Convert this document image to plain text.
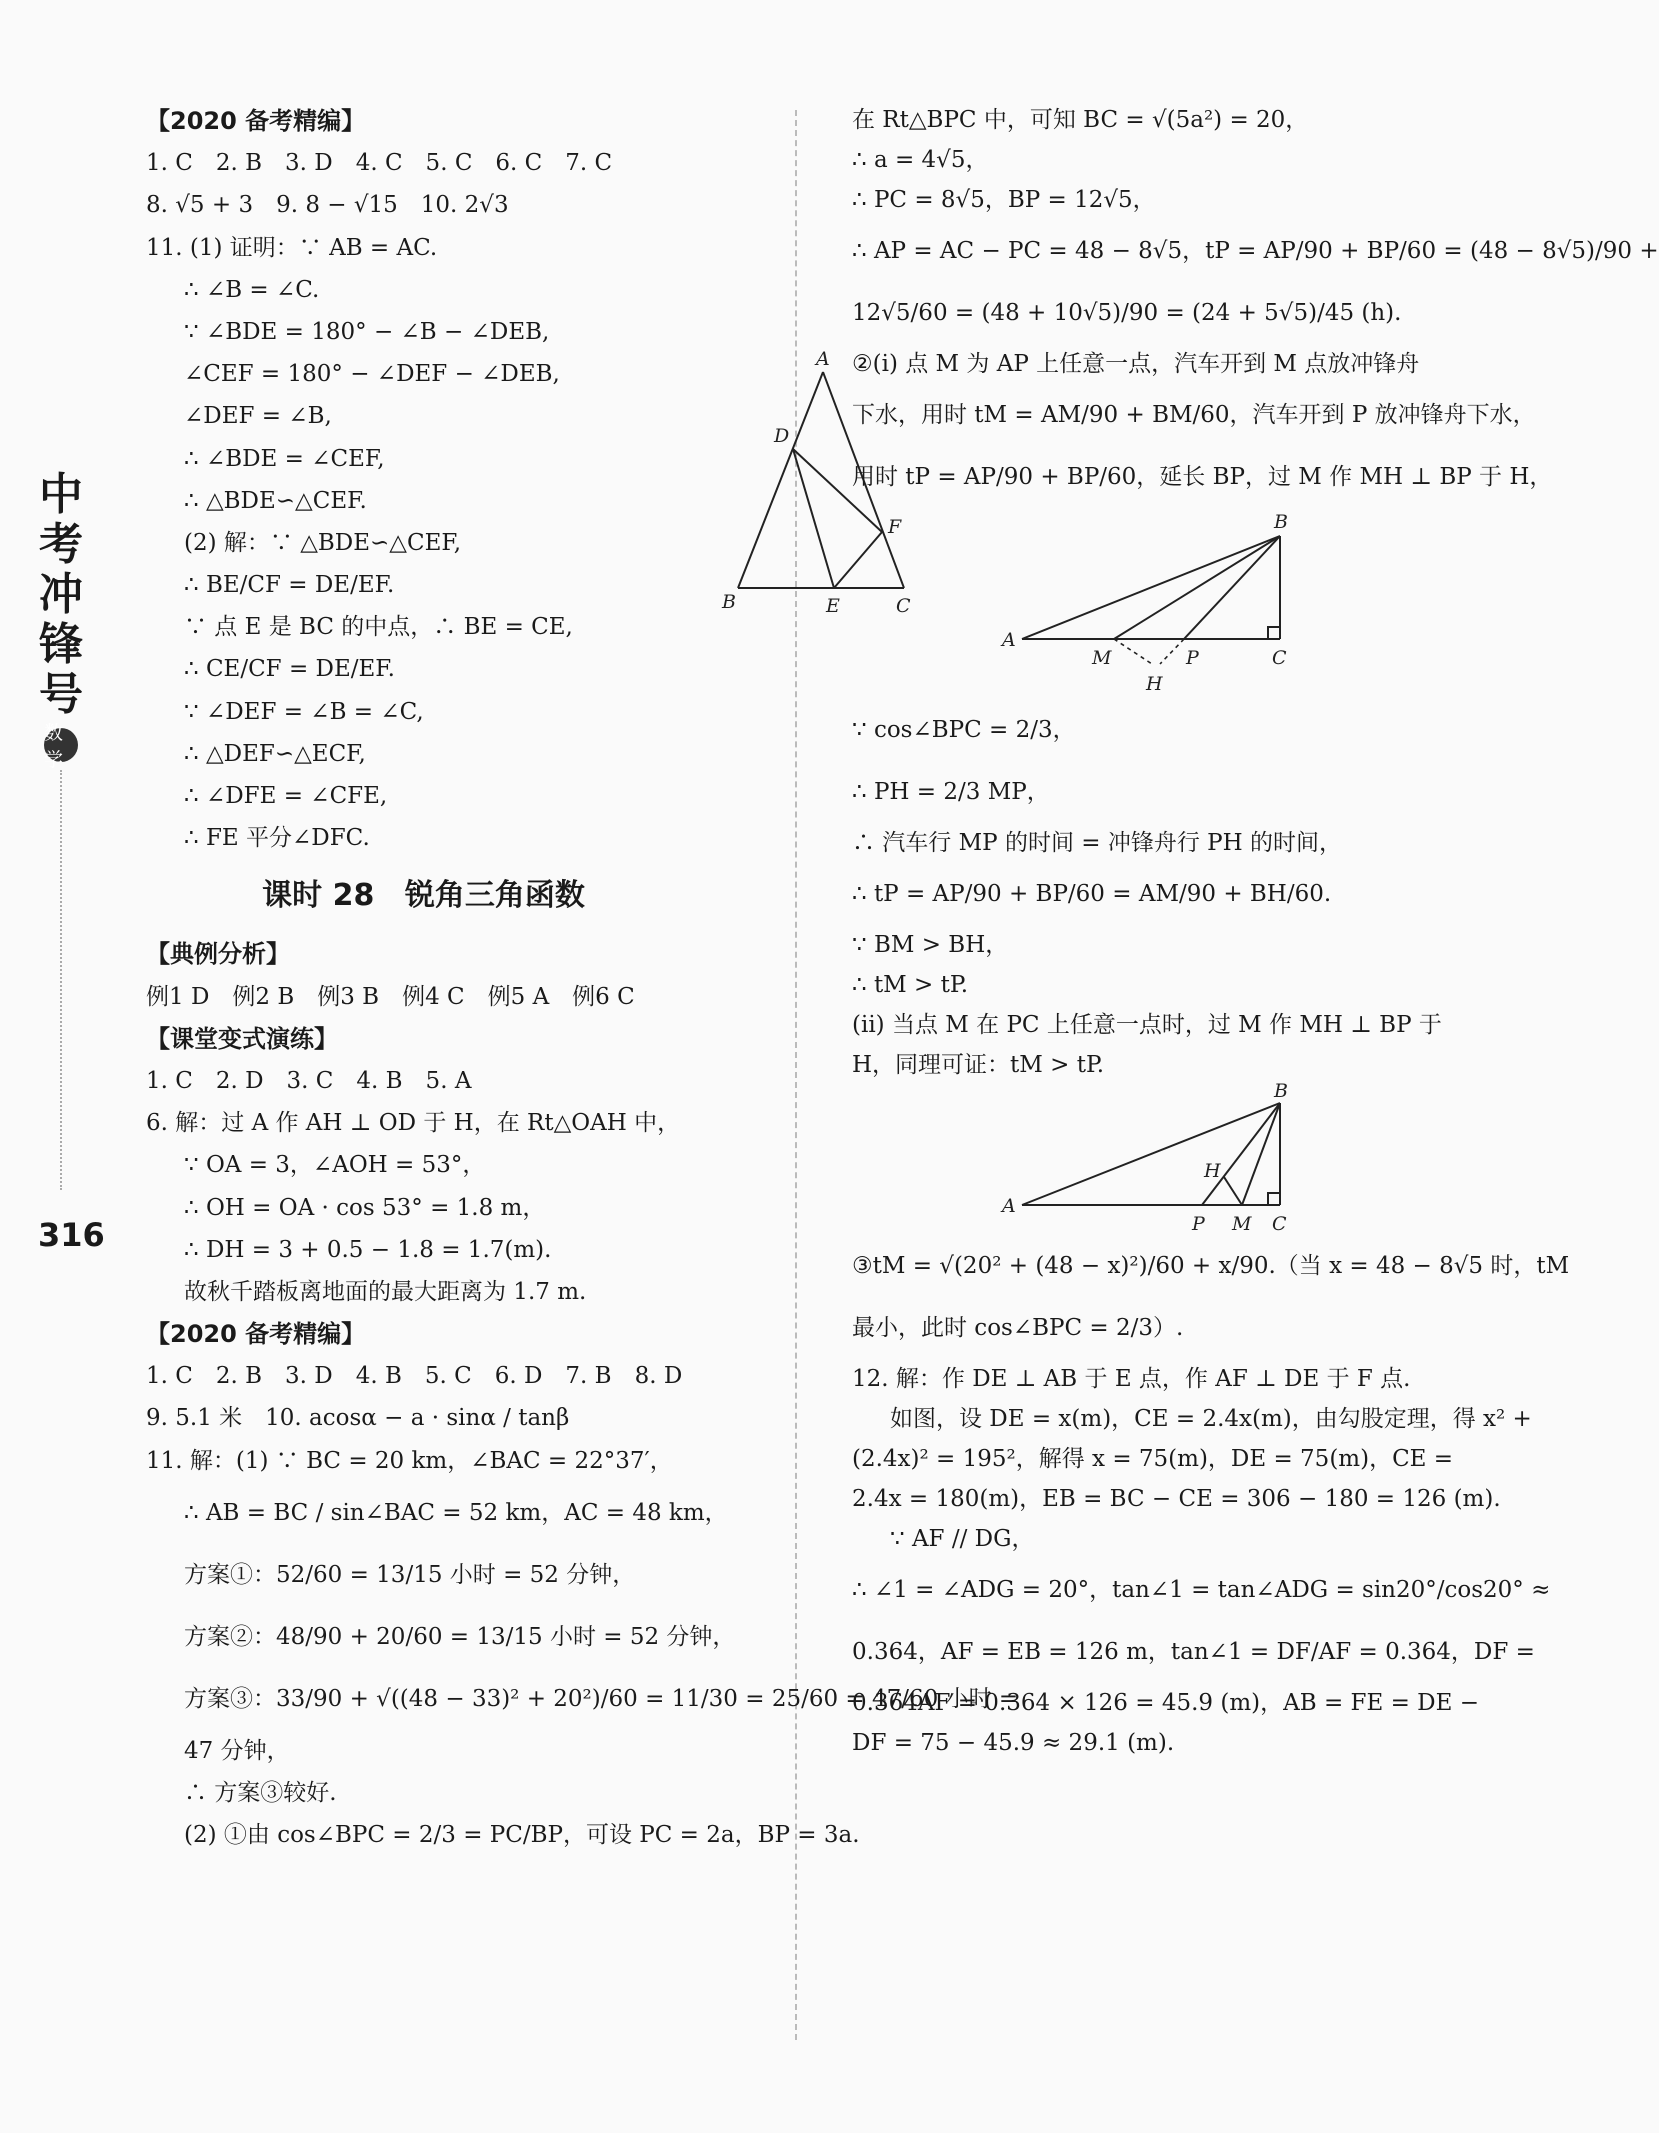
中
考
冲
锋
号
数学
316
【2020 备考精编】
1. C　2. B　3. D　4. C　5. C　6. C　7. C
8. √5 + 3　9. 8 − √15　10. 2√3
11. (1) 证明：∵ AB = AC.
∴ ∠B = ∠C.
∵ ∠BDE = 180° − ∠B − ∠DEB,
∠CEF = 180° − ∠DEF − ∠DEB,
∠DEF = ∠B,
∴ ∠BDE = ∠CEF,
∴ △BDE∽△CEF.
(2) 解：∵ △BDE∽△CEF,
∴ BE/CF = DE/EF.
∵ 点 E 是 BC 的中点，∴ BE = CE,
∴ CE/CF = DE/EF.
∵ ∠DEF = ∠B = ∠C,
∴ △DEF∽△ECF,
∴ ∠DFE = ∠CFE,
∴ FE 平分∠DFC.
课时 28 锐角三角函数
【典例分析】
例1 D　例2 B　例3 B　例4 C　例5 A　例6 C
【课堂变式演练】
1. C　2. D　3. C　4. B　5. A
6. 解：过 A 作 AH ⊥ OD 于 H，在 Rt△OAH 中，
∵ OA = 3，∠AOH = 53°，
∴ OH = OA · cos 53° = 1.8 m，
∴ DH = 3 + 0.5 − 1.8 = 1.7(m).
故秋千踏板离地面的最大距离为 1.7 m.
【2020 备考精编】
1. C　2. B　3. D　4. B　5. C　6. D　7. B　8. D
9. 5.1 米　10. acosα − a · sinα / tanβ
11. 解：(1) ∵ BC = 20 km，∠BAC = 22°37′，
∴ AB = BC / sin∠BAC = 52 km，AC = 48 km，
方案①：52/60 = 13/15 小时 = 52 分钟，
方案②：48/90 + 20/60 = 13/15 小时 = 52 分钟，
方案③：33/90 + √((48 − 33)² + 20²)/60 = 11/30 = 25/60 = 47/60 小时 =
47 分钟，
∴ 方案③较好.
(2) ①由 cos∠BPC = 2/3 = PC/BP，可设 PC = 2a，BP = 3a.
A
D
F
B	E	C
在 Rt△BPC 中，可知 BC = √(5a²) = 20，
∴ a = 4√5，
∴ PC = 8√5，BP = 12√5，
∴ AP = AC − PC = 48 − 8√5，tP = AP/90 + BP/60 = (48 − 8√5)/90 +
12√5/60 = (48 + 10√5)/90 = (24 + 5√5)/45 (h).
②(i) 点 M 为 AP 上任意一点，汽车开到 M 点放冲锋舟
下水，用时 tM = AM/90 + BM/60，汽车开到 P 放冲锋舟下水，
用时 tP = AP/90 + BP/60，延长 BP，过 M 作 MH ⊥ BP 于 H，
B
A
M	P	C
H
∵ cos∠BPC = 2/3，
∴ PH = 2/3 MP，
∴ 汽车行 MP 的时间 = 冲锋舟行 PH 的时间，
∴ tP = AP/90 + BP/60 = AM/90 + BH/60.
∵ BM > BH，
∴ tM > tP.
(ii) 当点 M 在 PC 上任意一点时，过 M 作 MH ⊥ BP 于
H，同理可证：tM > tP.
B
H
A
P M C
③tM = √(20² + (48 − x)²)/60 + x/90.（当 x = 48 − 8√5 时，tM
最小，此时 cos∠BPC = 2/3）.
12. 解：作 DE ⊥ AB 于 E 点，作 AF ⊥ DE 于 F 点.
如图，设 DE = x(m)，CE = 2.4x(m)，由勾股定理，得 x² +
(2.4x)² = 195²，解得 x = 75(m)，DE = 75(m)，CE =
2.4x = 180(m)，EB = BC − CE = 306 − 180 = 126 (m).
∵ AF // DG，
∴ ∠1 = ∠ADG = 20°，tan∠1 = tan∠ADG = sin20°/cos20° ≈
0.364，AF = EB = 126 m，tan∠1 = DF/AF = 0.364，DF =
0.364AF = 0.364 × 126 = 45.9 (m)，AB = FE = DE −
DF = 75 − 45.9 ≈ 29.1 (m).
